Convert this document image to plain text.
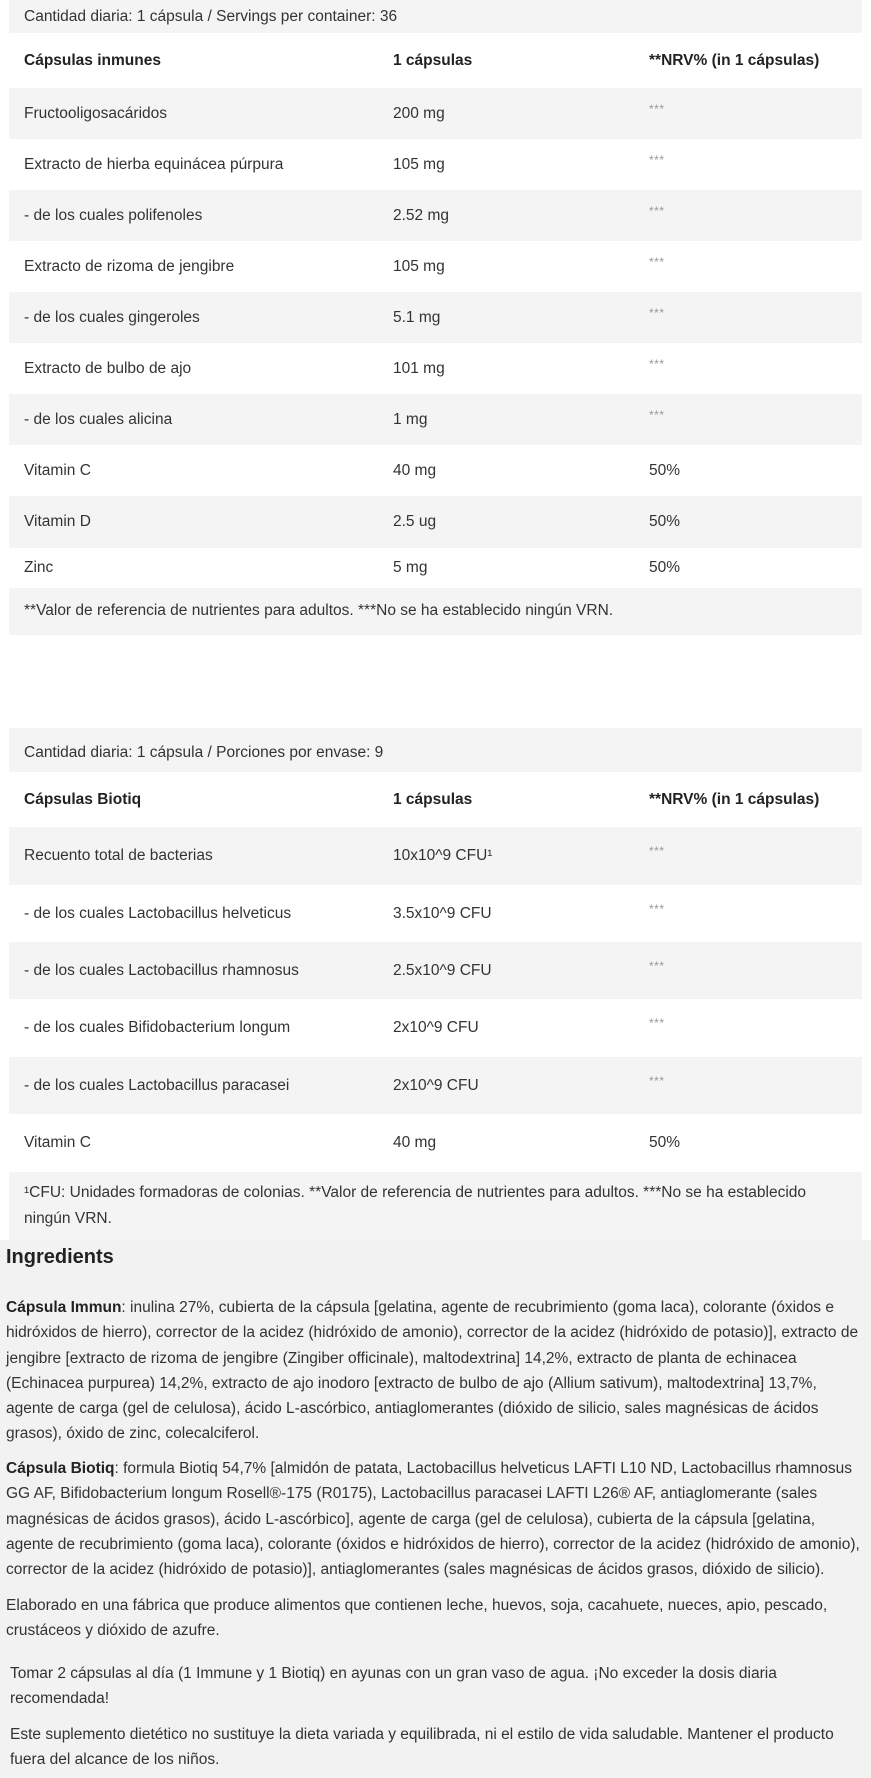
Cantidad diaria: 1 cápsula / Servings per container: 36
Cápsulas inmunes	1 cápsulas	**NRV% (in 1 cápsulas)
Fructooligosacáridos	200 mg	***
Extracto de hierba equinácea púrpura	105 mg	***
- de los cuales polifenoles	2.52 mg	***
Extracto de rizoma de jengibre	105 mg	***
- de los cuales gingeroles	5.1 mg	***
Extracto de bulbo de ajo	101 mg	***
- de los cuales alicina	1 mg	***
Vitamin C	40 mg	50%
Vitamin D	2.5 ug	50%
Zinc	5 mg	50%
**Valor de referencia de nutrientes para adultos. ***No se ha establecido ningún VRN.
Cantidad diaria: 1 cápsula / Porciones por envase: 9
Cápsulas Biotiq	1 cápsulas	**NRV% (in 1 cápsulas)
Recuento total de bacterias	10x10^9 CFU¹	***
- de los cuales Lactobacillus helveticus	3.5x10^9 CFU	***
- de los cuales Lactobacillus rhamnosus	2.5x10^9 CFU	***
- de los cuales Bifidobacterium longum	2x10^9 CFU	***
- de los cuales Lactobacillus paracasei	2x10^9 CFU	***
Vitamin C	40 mg	50%
¹CFU: Unidades formadoras de colonias. **Valor de referencia de nutrientes para adultos. ***No se ha establecido ningún VRN.
Ingredients

Cápsula Immun: inulina 27%, cubierta de la cápsula [gelatina, agente de recubrimiento (goma laca), colorante (óxidos e hidróxidos de hierro), corrector de la acidez (hidróxido de amonio), corrector de la acidez (hidróxido de potasio)], extracto de jengibre [extracto de rizoma de jengibre (Zingiber officinale), maltodextrina] 14,2%, extracto de planta de echinacea (Echinacea purpurea) 14,2%, extracto de ajo inodoro [extracto de bulbo de ajo (Allium sativum), maltodextrina] 13,7%, agente de carga (gel de celulosa), ácido L-ascórbico, antiaglomerantes (dióxido de silicio, sales magnésicas de ácidos grasos), óxido de zinc, colecalciferol.

Cápsula Biotiq: formula Biotiq 54,7% [almidón de patata, Lactobacillus helveticus LAFTI L10 ND, Lactobacillus rhamnosus GG AF, Bifidobacterium longum Rosell®-175 (R0175), Lactobacillus paracasei LAFTI L26® AF, antiaglomerante (sales magnésicas de ácidos grasos), ácido L-ascórbico], agente de carga (gel de celulosa), cubierta de la cápsula [gelatina, agente de recubrimiento (goma laca), colorante (óxidos e hidróxidos de hierro), corrector de la acidez (hidróxido de amonio), corrector de la acidez (hidróxido de potasio)], antiaglomerantes (sales magnésicas de ácidos grasos, dióxido de silicio).

Elaborado en una fábrica que produce alimentos que contienen leche, huevos, soja, cacahuete, nueces, apio, pescado, crustáceos y dióxido de azufre.

Tomar 2 cápsulas al día (1 Immune y 1 Biotiq) en ayunas con un gran vaso de agua. ¡No exceder la dosis diaria recomendada!

Este suplemento dietético no sustituye la dieta variada y equilibrada, ni el estilo de vida saludable. Mantener el producto fuera del alcance de los niños.
